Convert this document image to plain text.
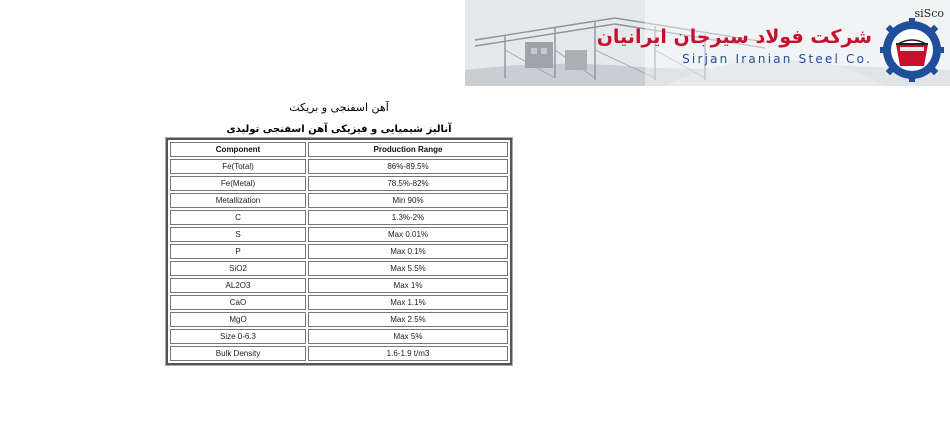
شركت فولاد سيرجان ايرانيان
Sirjan Iranian Steel Co.
siSco
آهن اسفنجی و بریکت
آنالیز شیمیایی و فیزیکی آهن اسفنجی تولیدی
Component	Production Range
Fe(Total)	86%-89.5%
Fe(Metal)	78.5%-82%
Metallization	Min 90%
C	1.3%-2%
S	Max 0.01%
P	Max 0.1%
SiO2	Max 5.5%
AL2O3	Max 1%
CaO	Max 1.1%
MgO	Max 2.5%
Size 0-6.3	Max 5%
Bulk Density	1.6-1.9 t/m3
